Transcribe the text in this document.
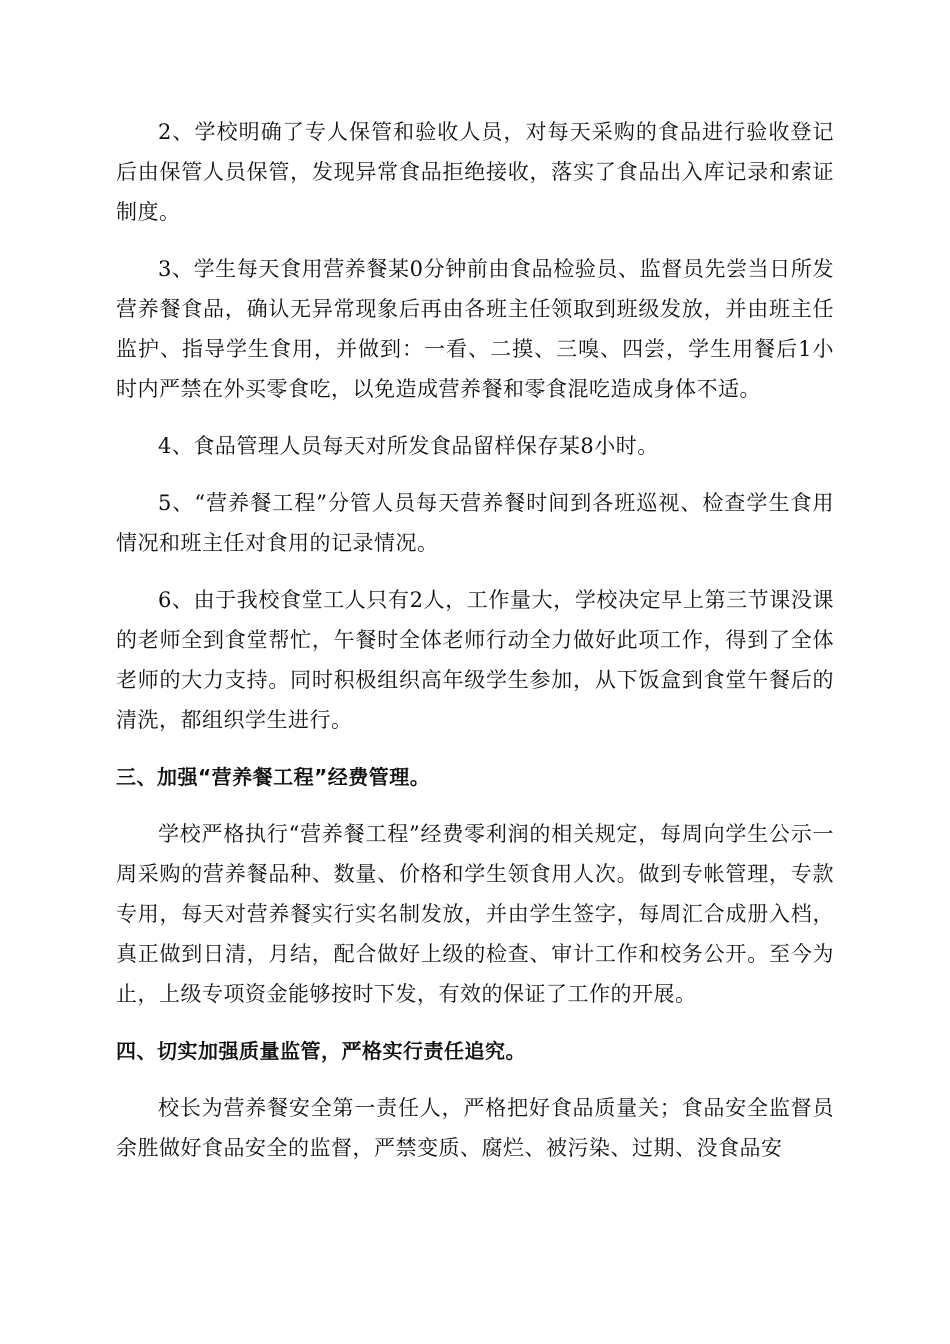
2、学校明确了专人保管和验收人员，对每天采购的食品进行验收登记后由保管人员保管，发现异常食品拒绝接收，落实了食品出入库记录和索证制度。

3、学生每天食用营养餐某0分钟前由食品检验员、监督员先尝当日所发营养餐食品，确认无异常现象后再由各班主任领取到班级发放，并由班主任监护、指导学生食用，并做到：一看、二摸、三嗅、四尝，学生用餐后1小时内严禁在外买零食吃，以免造成营养餐和零食混吃造成身体不适。

4、食品管理人员每天对所发食品留样保存某8小时。

5、“营养餐工程”分管人员每天营养餐时间到各班巡视、检查学生食用情况和班主任对食用的记录情况。

6、由于我校食堂工人只有2人，工作量大，学校决定早上第三节课没课的老师全到食堂帮忙，午餐时全体老师行动全力做好此项工作，得到了全体老师的大力支持。同时积极组织高年级学生参加，从下饭盒到食堂午餐后的清洗，都组织学生进行。

三、加强“营养餐工程”经费管理。

学校严格执行“营养餐工程”经费零利润的相关规定，每周向学生公示一周采购的营养餐品种、数量、价格和学生领食用人次。做到专帐管理，专款专用，每天对营养餐实行实名制发放，并由学生签字，每周汇合成册入档，真正做到日清，月结，配合做好上级的检查、审计工作和校务公开。至今为止，上级专项资金能够按时下发，有效的保证了工作的开展。

四、切实加强质量监管，严格实行责任追究。

校长为营养餐安全第一责任人，严格把好食品质量关；食品安全监督员余胜做好食品安全的监督，严禁变质、腐烂、被污染、过期、没食品安
